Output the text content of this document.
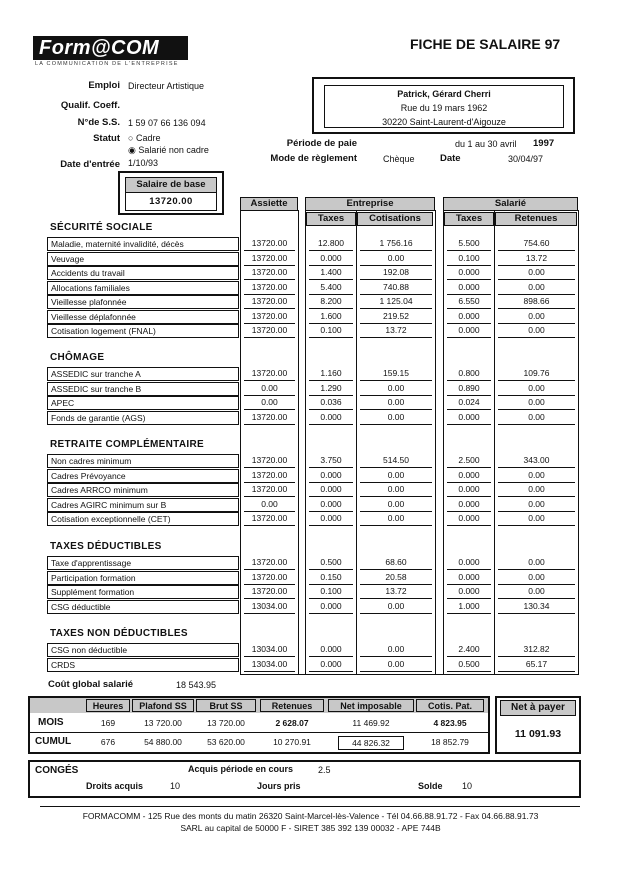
Form@COM
LA COMMUNICATION DE L'ENTREPRISE
FICHE DE SALAIRE 97
Emploi Directeur Artistique
Qualif. Coeff.
N°de S.S. 1 59 07 66 136 094
Statut ○ Cadre
◉ Salarié non cadre
Date d'entrée 1/10/93
Patrick, Gérard Cherri
Rue du 19 mars 1962
30220 Saint-Laurent-d'Aigouze
Période de paie	du 1 au 30 avril 1997
Mode de règlement	Chèque	Date	30/04/97
Salaire de base
13720.00	Assiette	Entreprise	Salarié
Taxes	Cotisations	Taxes	Retenues
SÉCURITÉ SOCIALE
Maladie, maternité invalidité, décès	13720.00	12.800	1 756.16	5.500	754.60
Veuvage	13720.00	0.000	0.00	0.100	13.72
Accidents du travail	13720.00	1.400	192.08	0.000	0.00
Allocations familiales	13720.00	5.400	740.88	0.000	0.00
Vieillesse plafonnée	13720.00	8.200	1 125.04	6.550	898.66
Vieillesse déplafonnée	13720.00	1.600	219.52	0.000	0.00
Cotisation logement (FNAL)	13720.00	0.100	13.72	0.000	0.00
CHÔMAGE
ASSEDIC sur tranche A	13720.00	1.160	159.15	0.800	109.76
ASSEDIC sur tranche B	0.00	1.290	0.00	0.890	0.00
APEC	0.00	0.036	0.00	0.024	0.00
Fonds de garantie (AGS)	13720.00	0.000	0.00	0.000	0.00
RETRAITE COMPLÉMENTAIRE
Non cadres minimum	13720.00	3.750	514.50	2.500	343.00
Cadres Prévoyance	13720.00	0.000	0.00	0.000	0.00
Cadres ARRCO minimum	13720.00	0.000	0.00	0.000	0.00
Cadres AGIRC minimum sur B	0.00	0.000	0.00	0.000	0.00
Cotisation exceptionnelle (CET)	13720.00	0.000	0.00	0.000	0.00
TAXES DÉDUCTIBLES
Taxe d'apprentissage	13720.00	0.500	68.60	0.000	0.00
Participation formation	13720.00	0.150	20.58	0.000	0.00
Supplément formation	13720.00	0.100	13.72	0.000	0.00
CSG déductible	13034.00	0.000	0.00	1.000	130.34
TAXES NON DÉDUCTIBLES
CSG non déductible	13034.00	0.000	0.00	2.400	312.82
CRDS	13034.00	0.000	0.00	0.500	65.17
Coût global salarié	18 543.95
Heures	Plafond SS	Brut SS	Retenues	Net imposable	Cotis. Pat.
MOIS
CUMUL
169	13 720.00	13 720.00	2 628.07	11 469.92	4 823.95
676	54 880.00	53 620.00	10 270.91	44 826.32	18 852.79
Net à payer
11 091.93
CONGÉS	Acquis période en cours	2.5
Droits acquis	10	Jours pris	Solde 10
FORMACOMM - 125 Rue des monts du matin 26320 Saint-Marcel-lès-Valence - Tél 04.66.88.91.72 - Fax 04.66.88.91.73
SARL au capital de 50000 F - SIRET 385 392 139 00032 - APE 744B
